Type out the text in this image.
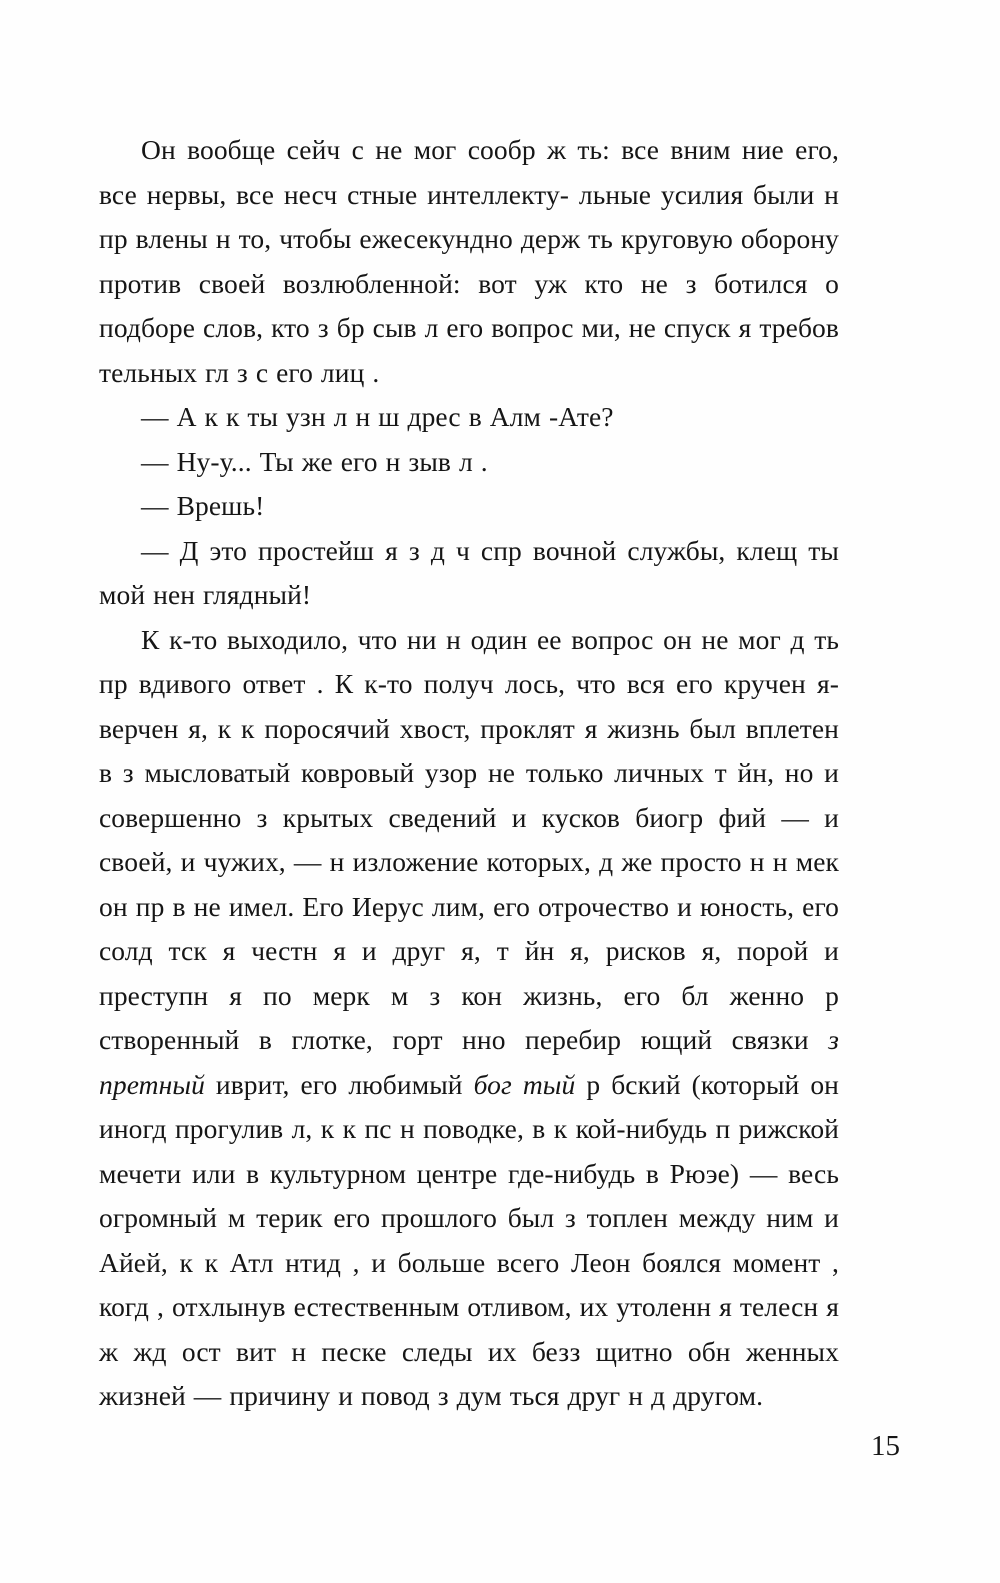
Он вообще сейч с не мог сообр ж ть: все вним ние его, все нервы, все несч стные интеллекту- льные усилия были н пр влены н то, чтобы ежесекундно держ ть круговую оборону против своей возлюбленной: вот уж кто не з ботился о подборе слов, кто з бр сыв л его вопрос ми, не спуск я требов тельных гл з с его лиц .

— А к к ты узн л н ш дрес в Алм -Ате?

— Ну-у... Ты же его н зыв л .

— Врешь!

— Д это простейш я з д ч спр вочной службы, клещ ты мой нен глядный!

К к-то выходило, что ни н один ее вопрос он не мог д ть пр вдивого ответ . К к-то получ лось, что вся его кручен я-верчен я, к к поросячий хвост, проклят я жизнь был вплетен в з мысловатый ковровый узор не только личных т йн, но и совершенно з крытых сведений и кусков биогр фий — и своей, и чужих, — н изложение которых, д же просто н н мек он пр в не имел. Его Иерус лим, его отрочество и юность, его солд тск я честн я и друг я, т йн я, рисков я, порой и преступн я по мерк м з кон жизнь, его бл женно р створенный в глотке, горт нно перебир ющий связки з претный иврит, его любимый бог тый р бский (который он иногд прогулив л, к к пс н поводке, в к кой-нибудь п рижской мечети или в культурном центре где-нибудь в Рюэе) — весь огромный м терик его прошлого был з топлен между ним и Айей, к к Атл нтид , и больше всего Леон боялся момент , когд , отхлынув естественным отливом, их утоленн я телесн я ж жд ост вит н песке следы их безз щитно обн женных жизней — причину и повод з дум ться друг н д другом.

15
